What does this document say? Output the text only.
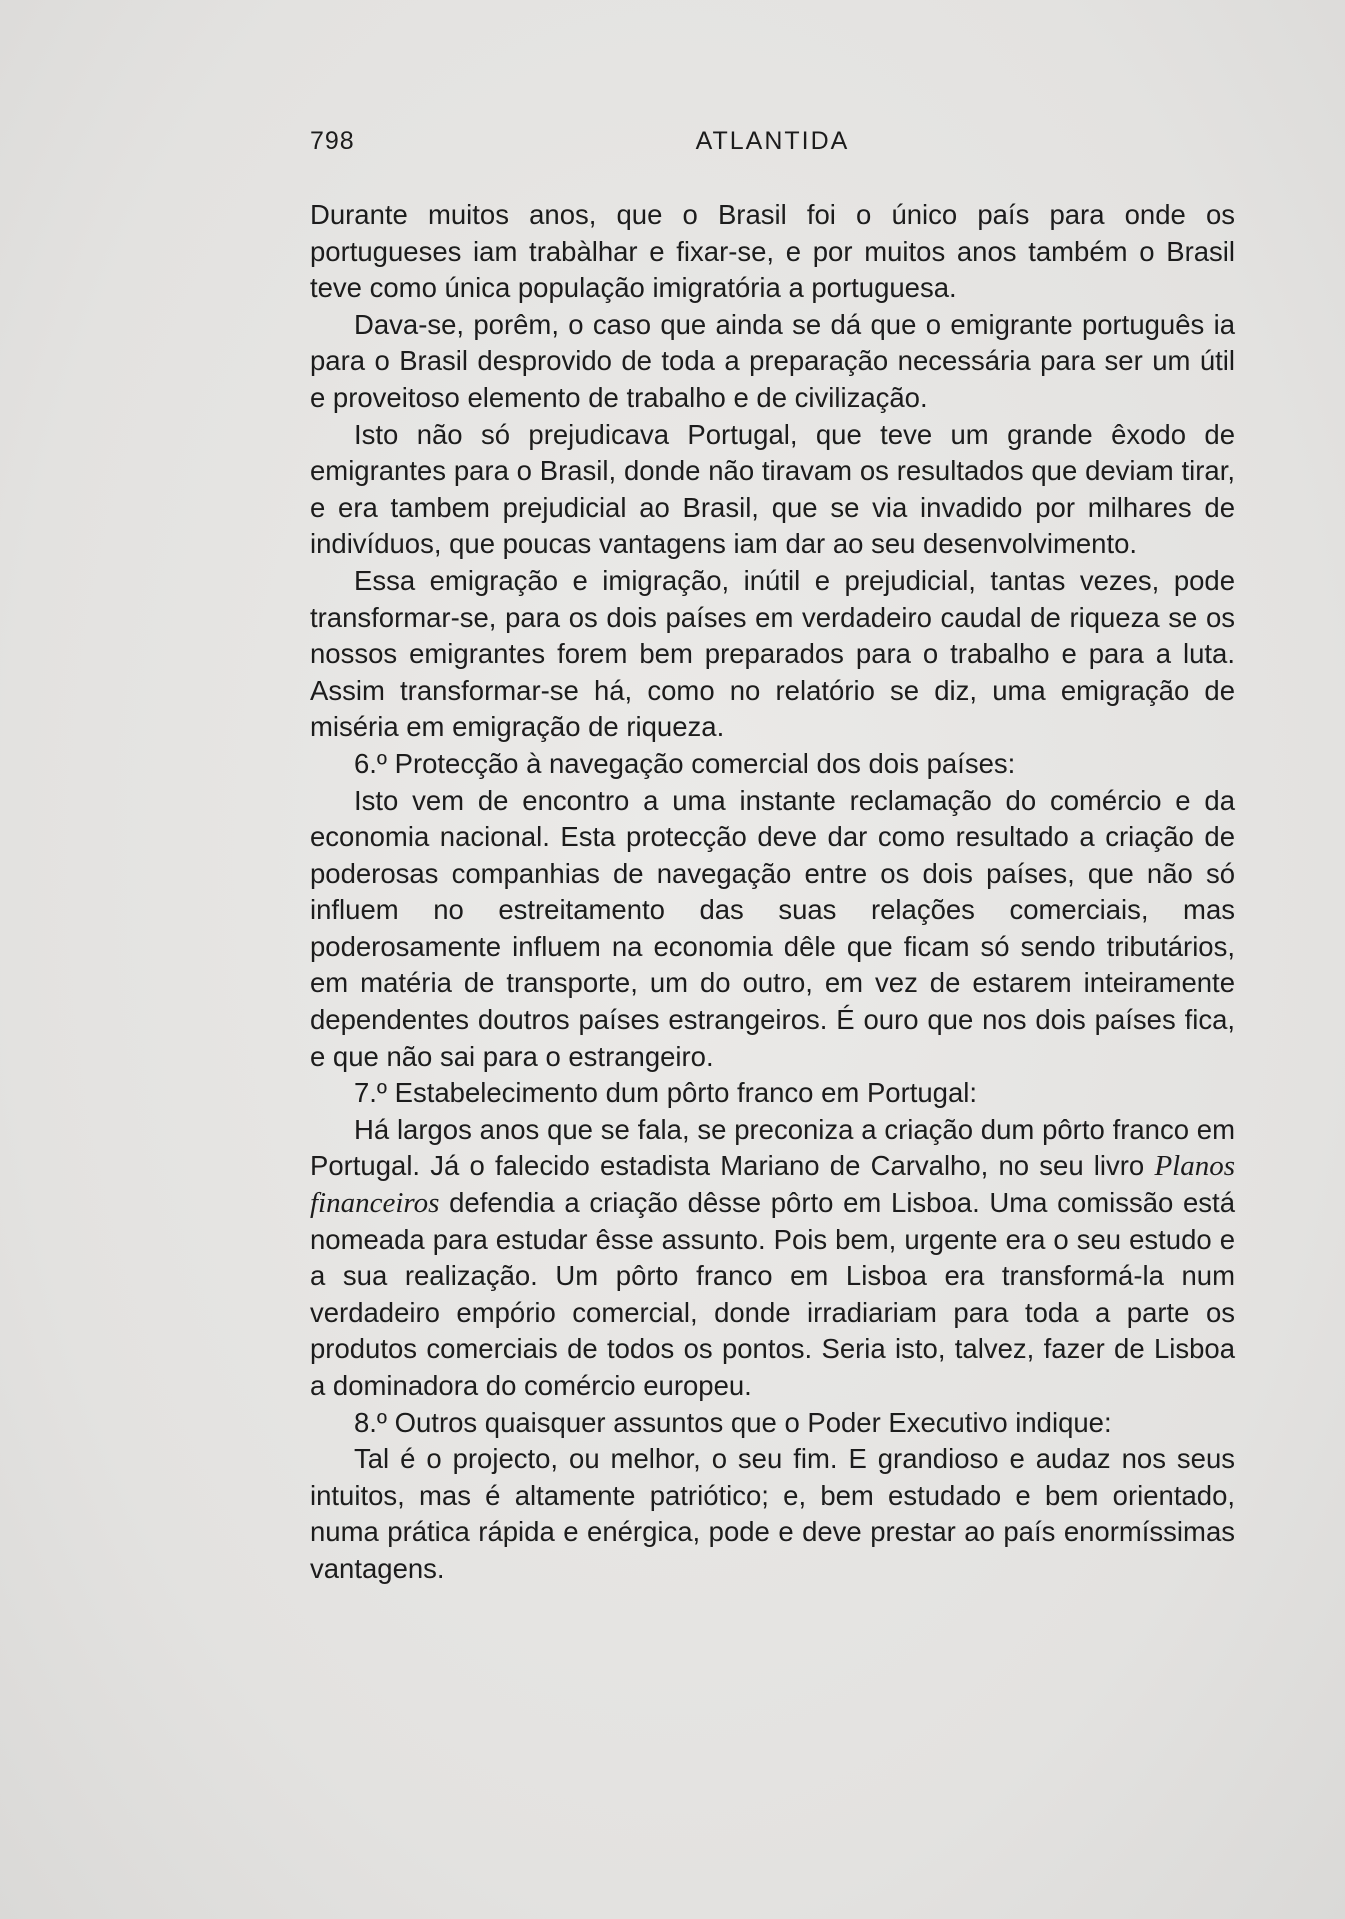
798	ATLANTIDA

Durante muitos anos, que o Brasil foi o único país para onde os portugueses iam trabàlhar e fixar-se, e por muitos anos também o Brasil teve como única população imigratória a portuguesa.

Dava-se, porêm, o caso que ainda se dá que o emigrante português ia para o Brasil desprovido de toda a preparação necessária para ser um útil e proveitoso elemento de trabalho e de civilização.

Isto não só prejudicava Portugal, que teve um grande êxodo de emigrantes para o Brasil, donde não tiravam os resultados que deviam tirar, e era tambem prejudicial ao Brasil, que se via invadido por milhares de indivíduos, que poucas vantagens iam dar ao seu desenvolvimento.

Essa emigração e imigração, inútil e prejudicial, tantas vezes, pode transformar-se, para os dois países em verdadeiro caudal de riqueza se os nossos emigrantes forem bem preparados para o trabalho e para a luta. Assim transformar-se há, como no relatório se diz, uma emigração de miséria em emigração de riqueza.

6.º Protecção à navegação comercial dos dois países:

Isto vem de encontro a uma instante reclamação do comércio e da economia nacional. Esta protecção deve dar como resultado a criação de poderosas companhias de navegação entre os dois países, que não só influem no estreitamento das suas relações comerciais, mas poderosamente influem na economia dêle que ficam só sendo tributários, em matéria de transporte, um do outro, em vez de estarem inteiramente dependentes doutros países estrangeiros. É ouro que nos dois países fica, e que não sai para o estrangeiro.

7.º Estabelecimento dum pôrto franco em Portugal:

Há largos anos que se fala, se preconiza a criação dum pôrto franco em Portugal. Já o falecido estadista Mariano de Carvalho, no seu livro Planos financeiros defendia a criação dêsse pôrto em Lisboa. Uma comissão está nomeada para estudar êsse assunto. Pois bem, urgente era o seu estudo e a sua realização. Um pôrto franco em Lisboa era transformá-la num verdadeiro empório comercial, donde irradiariam para toda a parte os produtos comerciais de todos os pontos. Seria isto, talvez, fazer de Lisboa a dominadora do comércio europeu.

8.º Outros quaisquer assuntos que o Poder Executivo indique:

Tal é o projecto, ou melhor, o seu fim. E grandioso e audaz nos seus intuitos, mas é altamente patriótico; e, bem estudado e bem orientado, numa prática rápida e enérgica, pode e deve prestar ao país enormíssimas vantagens.
